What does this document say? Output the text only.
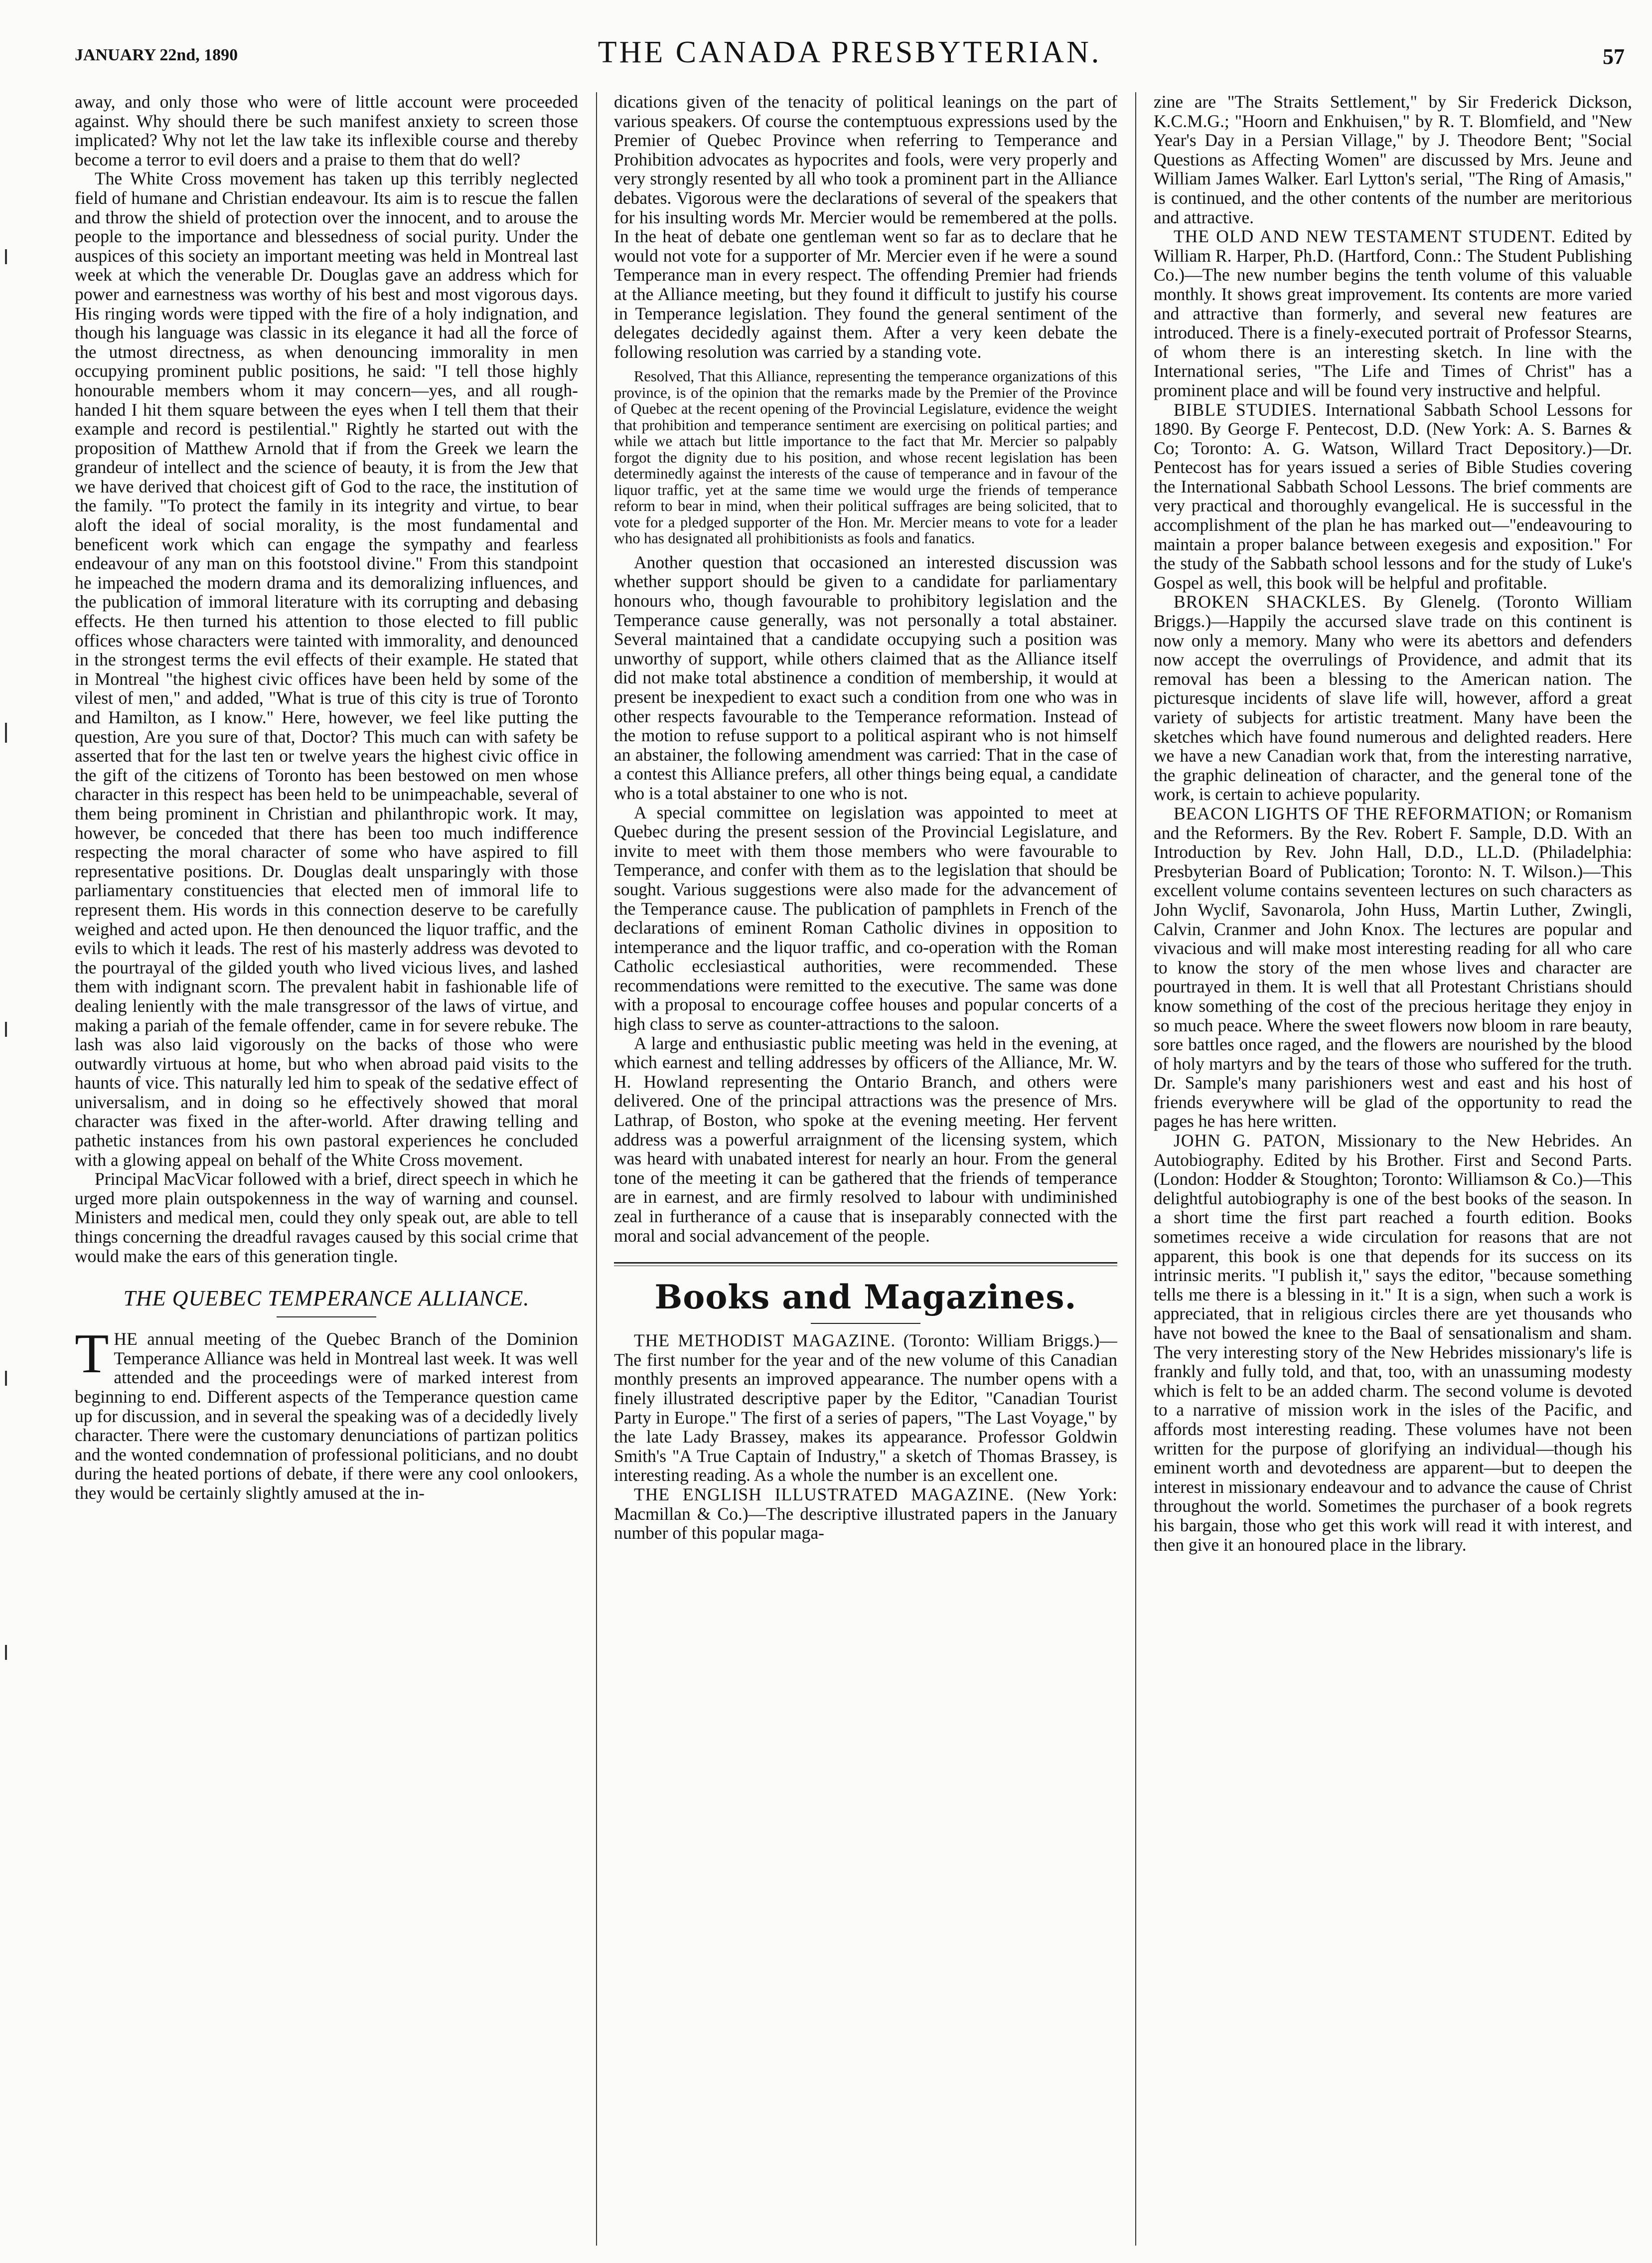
JANUARY 22nd, 1890	THE CANADA PRESBYTERIAN.	57

away, and only those who were of little account were proceeded against. Why should there be such manifest anxiety to screen those implicated? Why not let the law take its inflexible course and thereby become a terror to evil doers and a praise to them that do well?

The White Cross movement has taken up this terribly neglected field of humane and Christian endeavour. Its aim is to rescue the fallen and throw the shield of protection over the innocent, and to arouse the people to the importance and blessedness of social purity. Under the auspices of this society an important meeting was held in Montreal last week at which the venerable Dr. Douglas gave an address which for power and earnestness was worthy of his best and most vigorous days. His ringing words were tipped with the fire of a holy indignation, and though his language was classic in its elegance it had all the force of the utmost directness, as when denouncing immorality in men occupying prominent public positions, he said: "I tell those highly honourable members whom it may concern—yes, and all rough-handed I hit them square between the eyes when I tell them that their example and record is pestilential." Rightly he started out with the proposition of Matthew Arnold that if from the Greek we learn the grandeur of intellect and the science of beauty, it is from the Jew that we have derived that choicest gift of God to the race, the institution of the family. "To protect the family in its integrity and virtue, to bear aloft the ideal of social morality, is the most fundamental and beneficent work which can engage the sympathy and fearless endeavour of any man on this footstool divine." From this standpoint he impeached the modern drama and its demoralizing influences, and the publication of immoral literature with its corrupting and debasing effects. He then turned his attention to those elected to fill public offices whose characters were tainted with immorality, and denounced in the strongest terms the evil effects of their example. He stated that in Montreal "the highest civic offices have been held by some of the vilest of men," and added, "What is true of this city is true of Toronto and Hamilton, as I know." Here, however, we feel like putting the question, Are you sure of that, Doctor? This much can with safety be asserted that for the last ten or twelve years the highest civic office in the gift of the citizens of Toronto has been bestowed on men whose character in this respect has been held to be unimpeachable, several of them being prominent in Christian and philanthropic work. It may, however, be conceded that there has been too much indifference respecting the moral character of some who have aspired to fill representative positions. Dr. Douglas dealt unsparingly with those parliamentary constituencies that elected men of immoral life to represent them. His words in this connection deserve to be carefully weighed and acted upon. He then denounced the liquor traffic, and the evils to which it leads. The rest of his masterly address was devoted to the pourtrayal of the gilded youth who lived vicious lives, and lashed them with indignant scorn. The prevalent habit in fashionable life of dealing leniently with the male transgressor of the laws of virtue, and making a pariah of the female offender, came in for severe rebuke. The lash was also laid vigorously on the backs of those who were outwardly virtuous at home, but who when abroad paid visits to the haunts of vice. This naturally led him to speak of the sedative effect of universalism, and in doing so he effectively showed that moral character was fixed in the after-world. After drawing telling and pathetic instances from his own pastoral experiences he concluded with a glowing appeal on behalf of the White Cross movement.

Principal MacVicar followed with a brief, direct speech in which he urged more plain outspokenness in the way of warning and counsel. Ministers and medical men, could they only speak out, are able to tell things concerning the dreadful ravages caused by this social crime that would make the ears of this generation tingle.

THE QUEBEC TEMPERANCE ALLIANCE.
T HE annual meeting of the Quebec Branch of the Dominion Temperance Alliance was held in Montreal last week. It was well attended and the proceedings were of marked interest from beginning to end. Different aspects of the Temperance question came up for discussion, and in several the speaking was of a decidedly lively character. There were the customary denunciations of partizan politics and the wonted condemnation of professional politicians, and no doubt during the heated portions of debate, if there were any cool onlookers, they would be certainly slightly amused at the in-

dications given of the tenacity of political leanings on the part of various speakers. Of course the contemptuous expressions used by the Premier of Quebec Province when referring to Temperance and Prohibition advocates as hypocrites and fools, were very properly and very strongly resented by all who took a prominent part in the Alliance debates. Vigorous were the declarations of several of the speakers that for his insulting words Mr. Mercier would be remembered at the polls. In the heat of debate one gentleman went so far as to declare that he would not vote for a supporter of Mr. Mercier even if he were a sound Temperance man in every respect. The offending Premier had friends at the Alliance meeting, but they found it difficult to justify his course in Temperance legislation. They found the general sentiment of the delegates decidedly against them. After a very keen debate the following resolution was carried by a standing vote.

Resolved, That this Alliance, representing the temperance organizations of this province, is of the opinion that the remarks made by the Premier of the Province of Quebec at the recent opening of the Provincial Legislature, evidence the weight that prohibition and temperance sentiment are exercising on political parties; and while we attach but little importance to the fact that Mr. Mercier so palpably forgot the dignity due to his position, and whose recent legislation has been determinedly against the interests of the cause of temperance and in favour of the liquor traffic, yet at the same time we would urge the friends of temperance reform to bear in mind, when their political suffrages are being solicited, that to vote for a pledged supporter of the Hon. Mr. Mercier means to vote for a leader who has designated all prohibitionists as fools and fanatics.

Another question that occasioned an interested discussion was whether support should be given to a candidate for parliamentary honours who, though favourable to prohibitory legislation and the Temperance cause generally, was not personally a total abstainer. Several maintained that a candidate occupying such a position was unworthy of support, while others claimed that as the Alliance itself did not make total abstinence a condition of membership, it would at present be inexpedient to exact such a condition from one who was in other respects favourable to the Temperance reformation. Instead of the motion to refuse support to a political aspirant who is not himself an abstainer, the following amendment was carried: That in the case of a contest this Alliance prefers, all other things being equal, a candidate who is a total abstainer to one who is not.

A special committee on legislation was appointed to meet at Quebec during the present session of the Provincial Legislature, and invite to meet with them those members who were favourable to Temperance, and confer with them as to the legislation that should be sought. Various suggestions were also made for the advancement of the Temperance cause. The publication of pamphlets in French of the declarations of eminent Roman Catholic divines in opposition to intemperance and the liquor traffic, and co-operation with the Roman Catholic ecclesiastical authorities, were recommended. These recommendations were remitted to the executive. The same was done with a proposal to encourage coffee houses and popular concerts of a high class to serve as counter-attractions to the saloon.

A large and enthusiastic public meeting was held in the evening, at which earnest and telling addresses by officers of the Alliance, Mr. W. H. Howland representing the Ontario Branch, and others were delivered. One of the principal attractions was the presence of Mrs. Lathrap, of Boston, who spoke at the evening meeting. Her fervent address was a powerful arraignment of the licensing system, which was heard with unabated interest for nearly an hour. From the general tone of the meeting it can be gathered that the friends of temperance are in earnest, and are firmly resolved to labour with undiminished zeal in furtherance of a cause that is inseparably connected with the moral and social advancement of the people.

Books and Magazines.

THE METHODIST MAGAZINE. (Toronto: William Briggs.)—The first number for the year and of the new volume of this Canadian monthly presents an improved appearance. The number opens with a finely illustrated descriptive paper by the Editor, "Canadian Tourist Party in Europe." The first of a series of papers, "The Last Voyage," by the late Lady Brassey, makes its appearance. Professor Goldwin Smith's "A True Captain of Industry," a sketch of Thomas Brassey, is interesting reading. As a whole the number is an excellent one.

THE ENGLISH ILLUSTRATED MAGAZINE. (New York: Macmillan & Co.)—The descriptive illustrated papers in the January number of this popular maga-

zine are "The Straits Settlement," by Sir Frederick Dickson, K.C.M.G.; "Hoorn and Enkhuisen," by R. T. Blomfield, and "New Year's Day in a Persian Village," by J. Theodore Bent; "Social Questions as Affecting Women" are discussed by Mrs. Jeune and William James Walker. Earl Lytton's serial, "The Ring of Amasis," is continued, and the other contents of the number are meritorious and attractive.

THE OLD AND NEW TESTAMENT STUDENT. Edited by William R. Harper, Ph.D. (Hartford, Conn.: The Student Publishing Co.)—The new number begins the tenth volume of this valuable monthly. It shows great improvement. Its contents are more varied and attractive than formerly, and several new features are introduced. There is a finely-executed portrait of Professor Stearns, of whom there is an interesting sketch. In line with the International series, "The Life and Times of Christ" has a prominent place and will be found very instructive and helpful.

BIBLE STUDIES. International Sabbath School Lessons for 1890. By George F. Pentecost, D.D. (New York: A. S. Barnes & Co; Toronto: A. G. Watson, Willard Tract Depository.)—Dr. Pentecost has for years issued a series of Bible Studies covering the International Sabbath School Lessons. The brief comments are very practical and thoroughly evangelical. He is successful in the accomplishment of the plan he has marked out—"endeavouring to maintain a proper balance between exegesis and exposition." For the study of the Sabbath school lessons and for the study of Luke's Gospel as well, this book will be helpful and profitable.

BROKEN SHACKLES. By Glenelg. (Toronto William Briggs.)—Happily the accursed slave trade on this continent is now only a memory. Many who were its abettors and defenders now accept the overrulings of Providence, and admit that its removal has been a blessing to the American nation. The picturesque incidents of slave life will, however, afford a great variety of subjects for artistic treatment. Many have been the sketches which have found numerous and delighted readers. Here we have a new Canadian work that, from the interesting narrative, the graphic delineation of character, and the general tone of the work, is certain to achieve popularity.

BEACON LIGHTS OF THE REFORMATION; or Romanism and the Reformers. By the Rev. Robert F. Sample, D.D. With an Introduction by Rev. John Hall, D.D., LL.D. (Philadelphia: Presbyterian Board of Publication; Toronto: N. T. Wilson.)—This excellent volume contains seventeen lectures on such characters as John Wyclif, Savonarola, John Huss, Martin Luther, Zwingli, Calvin, Cranmer and John Knox. The lectures are popular and vivacious and will make most interesting reading for all who care to know the story of the men whose lives and character are pourtrayed in them. It is well that all Protestant Christians should know something of the cost of the precious heritage they enjoy in so much peace. Where the sweet flowers now bloom in rare beauty, sore battles once raged, and the flowers are nourished by the blood of holy martyrs and by the tears of those who suffered for the truth. Dr. Sample's many parishioners west and east and his host of friends everywhere will be glad of the opportunity to read the pages he has here written.

JOHN G. PATON, Missionary to the New Hebrides. An Autobiography. Edited by his Brother. First and Second Parts. (London: Hodder & Stoughton; Toronto: Williamson & Co.)—This delightful autobiography is one of the best books of the season. In a short time the first part reached a fourth edition. Books sometimes receive a wide circulation for reasons that are not apparent, this book is one that depends for its success on its intrinsic merits. "I publish it," says the editor, "because something tells me there is a blessing in it." It is a sign, when such a work is appreciated, that in religious circles there are yet thousands who have not bowed the knee to the Baal of sensationalism and sham. The very interesting story of the New Hebrides missionary's life is frankly and fully told, and that, too, with an unassuming modesty which is felt to be an added charm. The second volume is devoted to a narrative of mission work in the isles of the Pacific, and affords most interesting reading. These volumes have not been written for the purpose of glorifying an individual—though his eminent worth and devotedness are apparent—but to deepen the interest in missionary endeavour and to advance the cause of Christ throughout the world. Sometimes the purchaser of a book regrets his bargain, those who get this work will read it with interest, and then give it an honoured place in the library.
